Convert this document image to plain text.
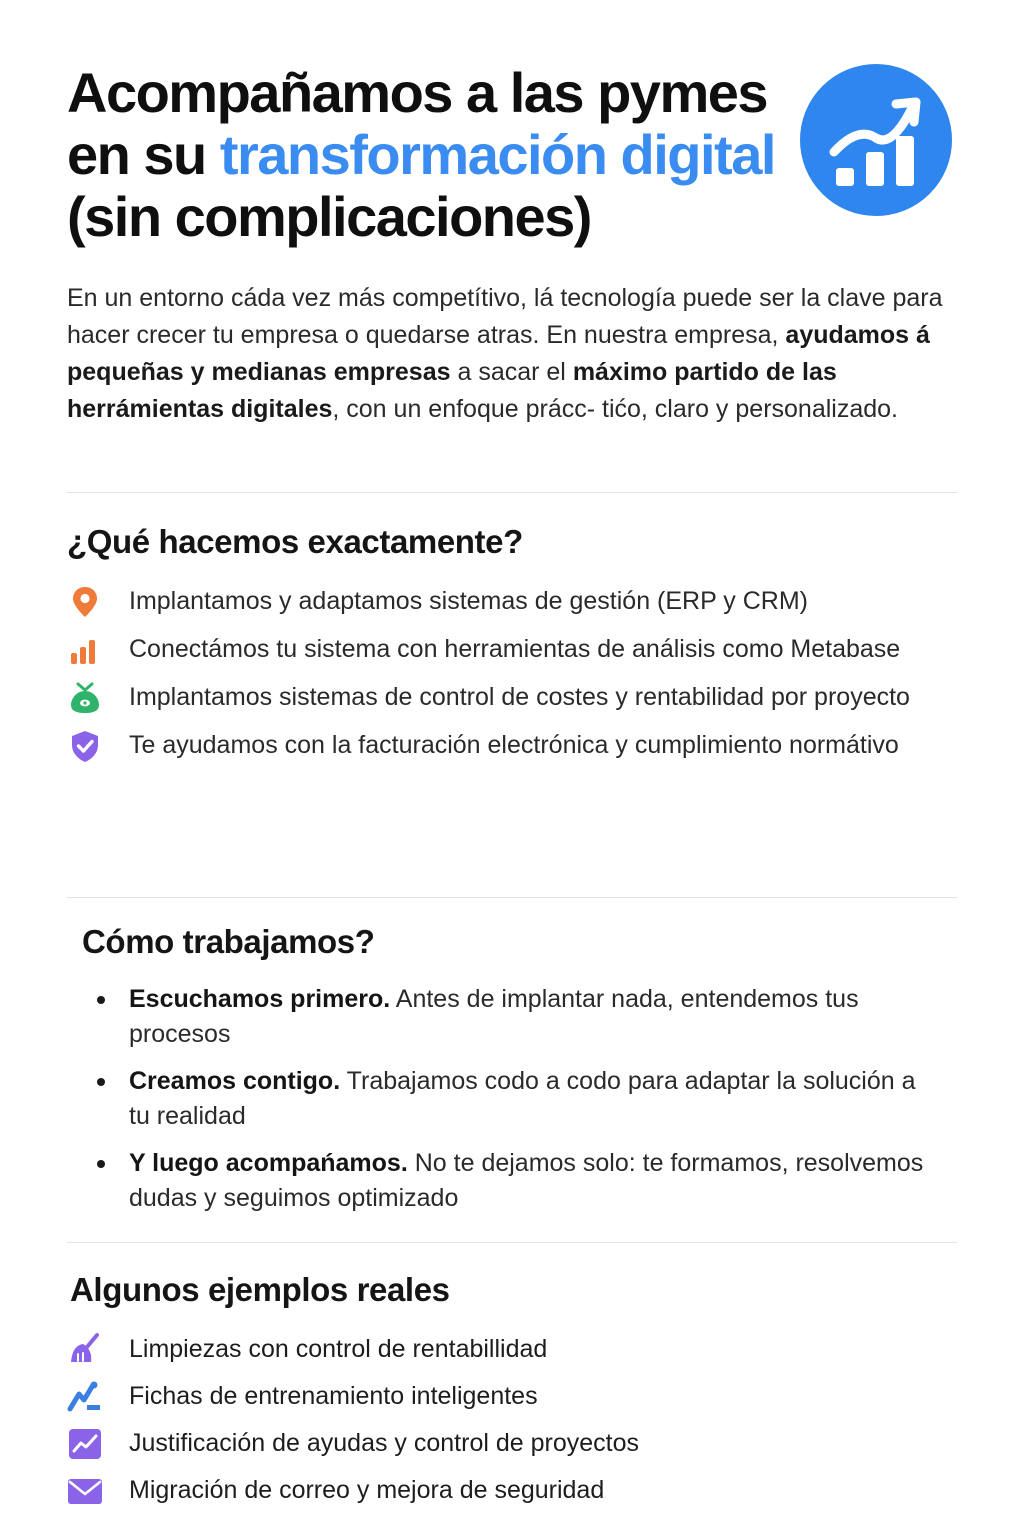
Acompañamos a las pymes
en su transformación digital
(sin complicaciones)

En un entorno cáda vez más competítivo, lá tecnología puede ser la clave para hacer crecer tu empresa o quedarse atras. En nuestra empresa, ayudamos á pequeñas y medianas empresas a sacar el máximo partido de las herrámientas digitales, con un enfoque prácc- tićo, claro y personalizado.

¿Qué hacemos exactamente?
Implantamos y adaptamos sistemas de gestión (ERP y CRM)
Conectámos tu sistema con herramientas de análisis como Metabase
Implantamos sistemas de control de costes y rentabilidad por proyecto
Te ayudamos con la facturación electrónica y cumplimiento normátivo
Cómo trabajamos?
Escuchamos primero. Antes de implantar nada, entendemos tus procesos
Creamos contigo. Trabajamos codo a codo para adaptar la solución a tu realidad
Y luego acompańamos. No te dejamos solo: te formamos, resolvemos dudas y seguimos optimizado
Algunos ejemplos reales
Limpiezas con control de rentabillidad
Fichas de entrenamiento inteligentes
Justificación de ayudas y control de proyectos
Migración de correo y mejora de seguridad
